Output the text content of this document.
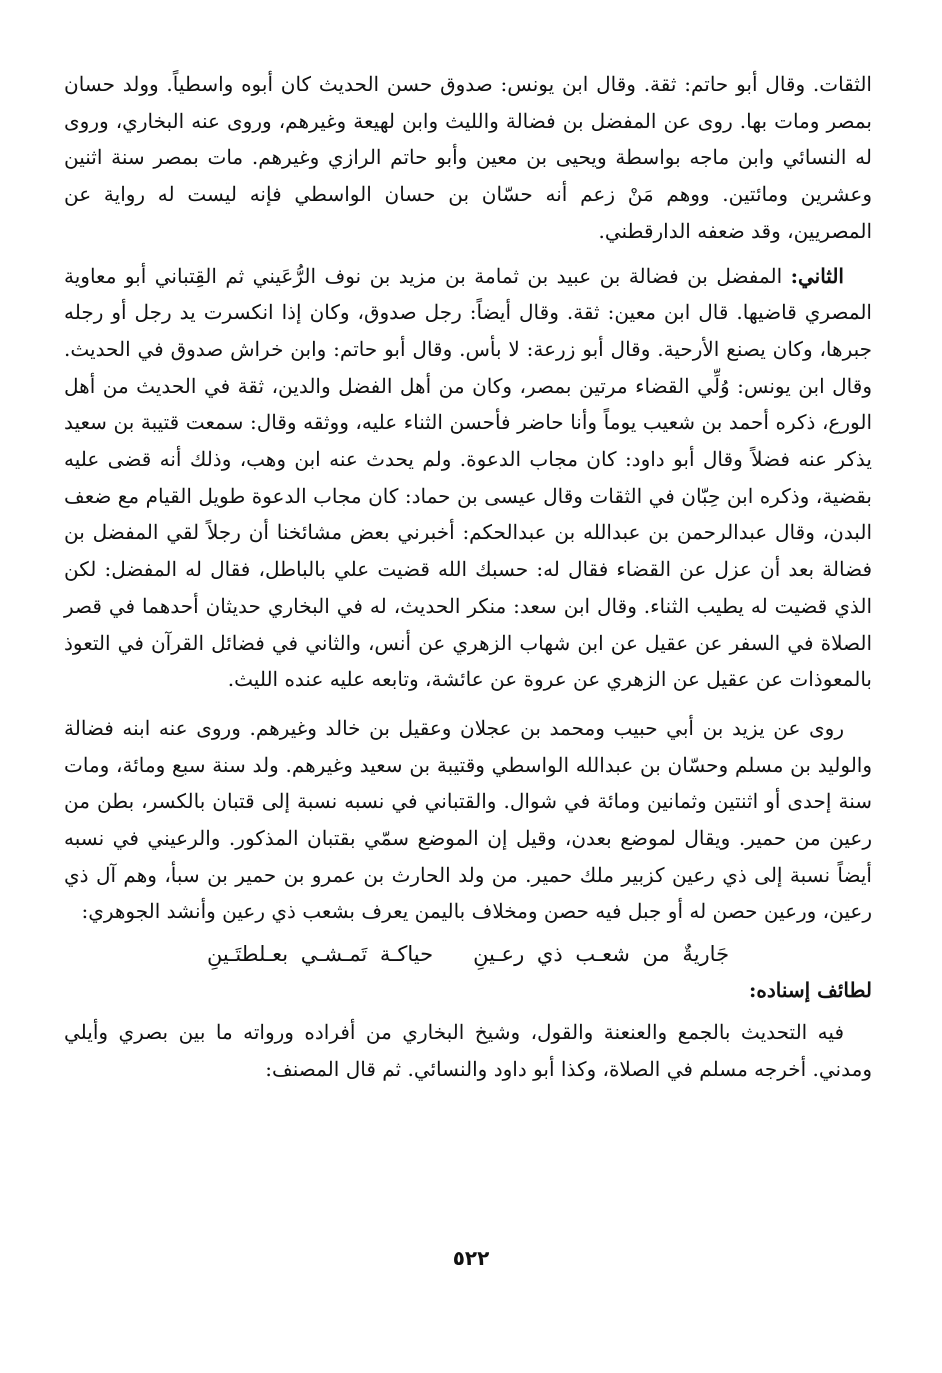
الثقات. وقال أبو حاتم: ثقة. وقال ابن يونس: صدوق حسن الحديث كان أبوه واسطياً. وولد حسان بمصر ومات بها. روى عن المفضل بن فضالة والليث وابن لهيعة وغيرهم، وروى عنه البخاري، وروى له النسائي وابن ماجه بواسطة ويحيى بن معين وأبو حاتم الرازي وغيرهم. مات بمصر سنة اثنين وعشرين ومائتين. ووهم مَنْ زعم أنه حسّان بن حسان الواسطي فإنه ليست له رواية عن المصريين، وقد ضعفه الدارقطني.

الثاني: المفضل بن فضالة بن عبيد بن ثمامة بن مزيد بن نوف الرُّعَيني ثم القِتباني أبو معاوية المصري قاضيها. قال ابن معين: ثقة. وقال أيضاً: رجل صدوق، وكان إذا انكسرت يد رجل أو رجله جبرها، وكان يصنع الأرحية. وقال أبو زرعة: لا بأس. وقال أبو حاتم: وابن خراش صدوق في الحديث. وقال ابن يونس: وُلِّي القضاء مرتين بمصر، وكان من أهل الفضل والدين، ثقة في الحديث من أهل الورع، ذكره أحمد بن شعيب يوماً وأنا حاضر فأحسن الثناء عليه، ووثقه وقال: سمعت قتيبة بن سعيد يذكر عنه فضلاً وقال أبو داود: كان مجاب الدعوة. ولم يحدث عنه ابن وهب، وذلك أنه قضى عليه بقضية، وذكره ابن حِبّان في الثقات وقال عيسى بن حماد: كان مجاب الدعوة طويل القيام مع ضعف البدن، وقال عبدالرحمن بن عبدالله بن عبدالحكم: أخبرني بعض مشائخنا أن رجلاً لقي المفضل بن فضالة بعد أن عزل عن القضاء فقال له: حسبك الله قضيت علي بالباطل، فقال له المفضل: لكن الذي قضيت له يطيب الثناء. وقال ابن سعد: منكر الحديث، له في البخاري حديثان أحدهما في قصر الصلاة في السفر عن عقيل عن ابن شهاب الزهري عن أنس، والثاني في فضائل القرآن في التعوذ بالمعوذات عن عقيل عن الزهري عن عروة عن عائشة، وتابعه عليه عنده الليث.

روى عن يزيد بن أبي حبيب ومحمد بن عجلان وعقيل بن خالد وغيرهم. وروى عنه ابنه فضالة والوليد بن مسلم وحسّان بن عبدالله الواسطي وقتيبة بن سعيد وغيرهم. ولد سنة سبع ومائة، ومات سنة إحدى أو اثنتين وثمانين ومائة في شوال. والقتباني في نسبه نسبة إلى قتبان بالكسر، بطن من رعين من حمير. ويقال لموضع بعدن، وقيل إن الموضع سمّي بقتبان المذكور. والرعيني في نسبه أيضاً نسبة إلى ذي رعين كزبير ملك حمير. من ولد الحارث بن عمرو بن حمير بن سبأ، وهم آل ذي رعين، ورعين حصن له أو جبل فيه حصن ومخلاف باليمن يعرف بشعب ذي رعين وأنشد الجوهري:

جَاريةٌ من شعـب ذي رعـينِحياكـة تَمـشـي بعـلطتَـينِ

لطائف إسناده:

فيه التحديث بالجمع والعنعنة والقول، وشيخ البخاري من أفراده ورواته ما بين بصري وأيلي ومدني. أخرجه مسلم في الصلاة، وكذا أبو داود والنسائي. ثم قال المصنف:

٥٢٢
